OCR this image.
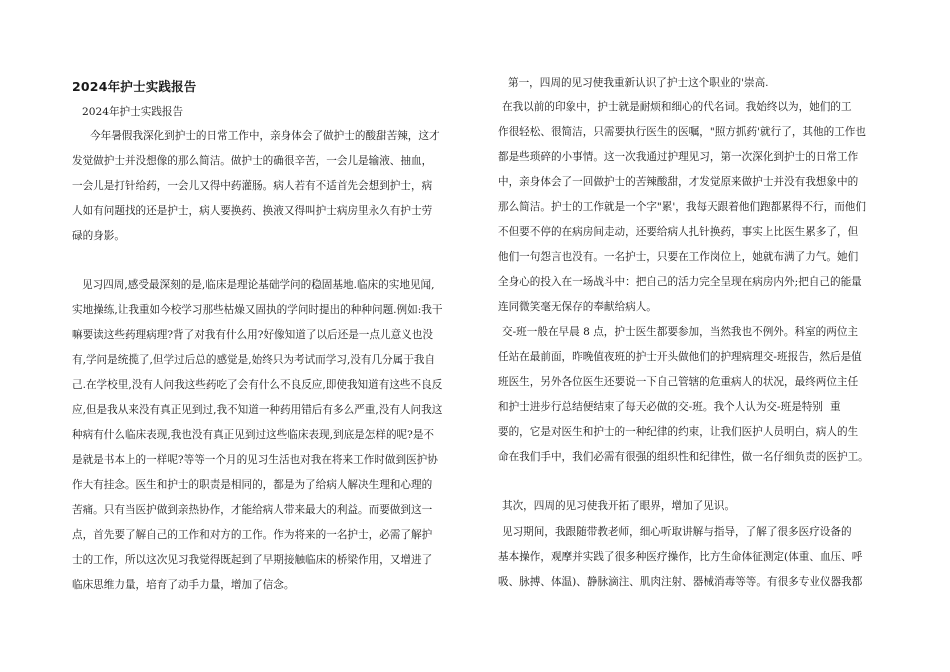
2024年护士实践报告
2024年护士实践报告
今年暑假我深化到护士的日常工作中，亲身体会了做护士的酸甜苦辣，这才
发觉做护士并没想像的那么简洁。做护士的确很辛苦，一会儿是输液、抽血，
一会儿是打针给药，一会儿又得中药灌肠。病人若有不适首先会想到护士，病
人如有问题找的还是护士，病人要换药、换液又得叫护士病房里永久有护士劳
碌的身影。
见习四周,感受最深刻的是,临床是理论基础学问的稳固基地.临床的实地见闻,
实地操练,让我重如今校学习那些枯燥又固执的学问时提出的种种问题.例如:我干
嘛要读这些药理病理?背了对我有什么用?好像知道了以后还是一点儿意义也没
有,学问是统揽了,但学过后总的感觉是,始终只为考试而学习,没有几分属于我自
己.在学校里,没有人问我这些药吃了会有什么不良反应,即使我知道有这些不良反
应,但是我从来没有真正见到过,我不知道一种药用错后有多么严重,没有人问我这
种病有什么临床表现,我也没有真正见到过这些临床表现,到底是怎样的呢?是不
是就是书本上的一样呢?等等一个月的见习生活也对我在将来工作时做到医护协
作大有挂念。医生和护士的职责是相同的，都是为了给病人解决生理和心理的
苦痛。只有当医护做到亲热协作，才能给病人带来最大的利益。而要做到这一
点，首先要了解自己的工作和对方的工作。作为将来的一名护士，必需了解护
士的工作，所以这次见习我觉得既起到了早期接触临床的桥梁作用，又增进了
临床思维力量，培育了动手力量，增加了信念。
第一，四周的见习使我重新认识了护士这个职业的'崇高.
在我以前的印象中，护士就是耐烦和细心的代名词。我始终以为，她们的工
作很轻松、很简洁，只需要执行医生的医嘱，"照方抓药'就行了，其他的工作也
都是些琐碎的小事情。这一次我通过护理见习，第一次深化到护士的日常工作
中，亲身体会了一回做护士的苦辣酸甜，才发觉原来做护士并没有我想象中的
那么简洁。护士的工作就是一个字"累'，我每天跟着他们跑都累得不行，而他们
不但要不停的在病房间走动，还要给病人扎针换药，事实上比医生累多了，但
他们一句怨言也没有。一名护士，只要在工作岗位上，她就布满了力气。她们
全身心的投入在一场战斗中：把自己的活力完全呈现在病房内外;把自己的能量
连同微笑毫无保存的奉献给病人。
交-班一般在早晨 8 点，护士医生都要参加，当然我也不例外。科室的两位主
任站在最前面，昨晚值夜班的护士开头做他们的护理病理交-班报告，然后是值
班医生，另外各位医生还要说一下自己管辖的危重病人的状况，最终两位主任
和护士进步行总结便结束了每天必做的交-班。我个人认为交-班是特别 重
要的，它是对医生和护士的一种纪律的约束，让我们医护人员明白，病人的生
命在我们手中，我们必需有很强的组织性和纪律性，做一名仔细负责的医护工。
其次，四周的见习使我开拓了眼界，增加了见识。
见习期间，我跟随带教老师，细心听取讲解与指导，了解了很多医疗设备的
基本操作，观摩并实践了很多种医疗操作，比方生命体征测定(体重、血压、呼
吸、脉搏、体温)、静脉滴注、肌肉注射、器械消毒等等。有很多专业仪器我都
